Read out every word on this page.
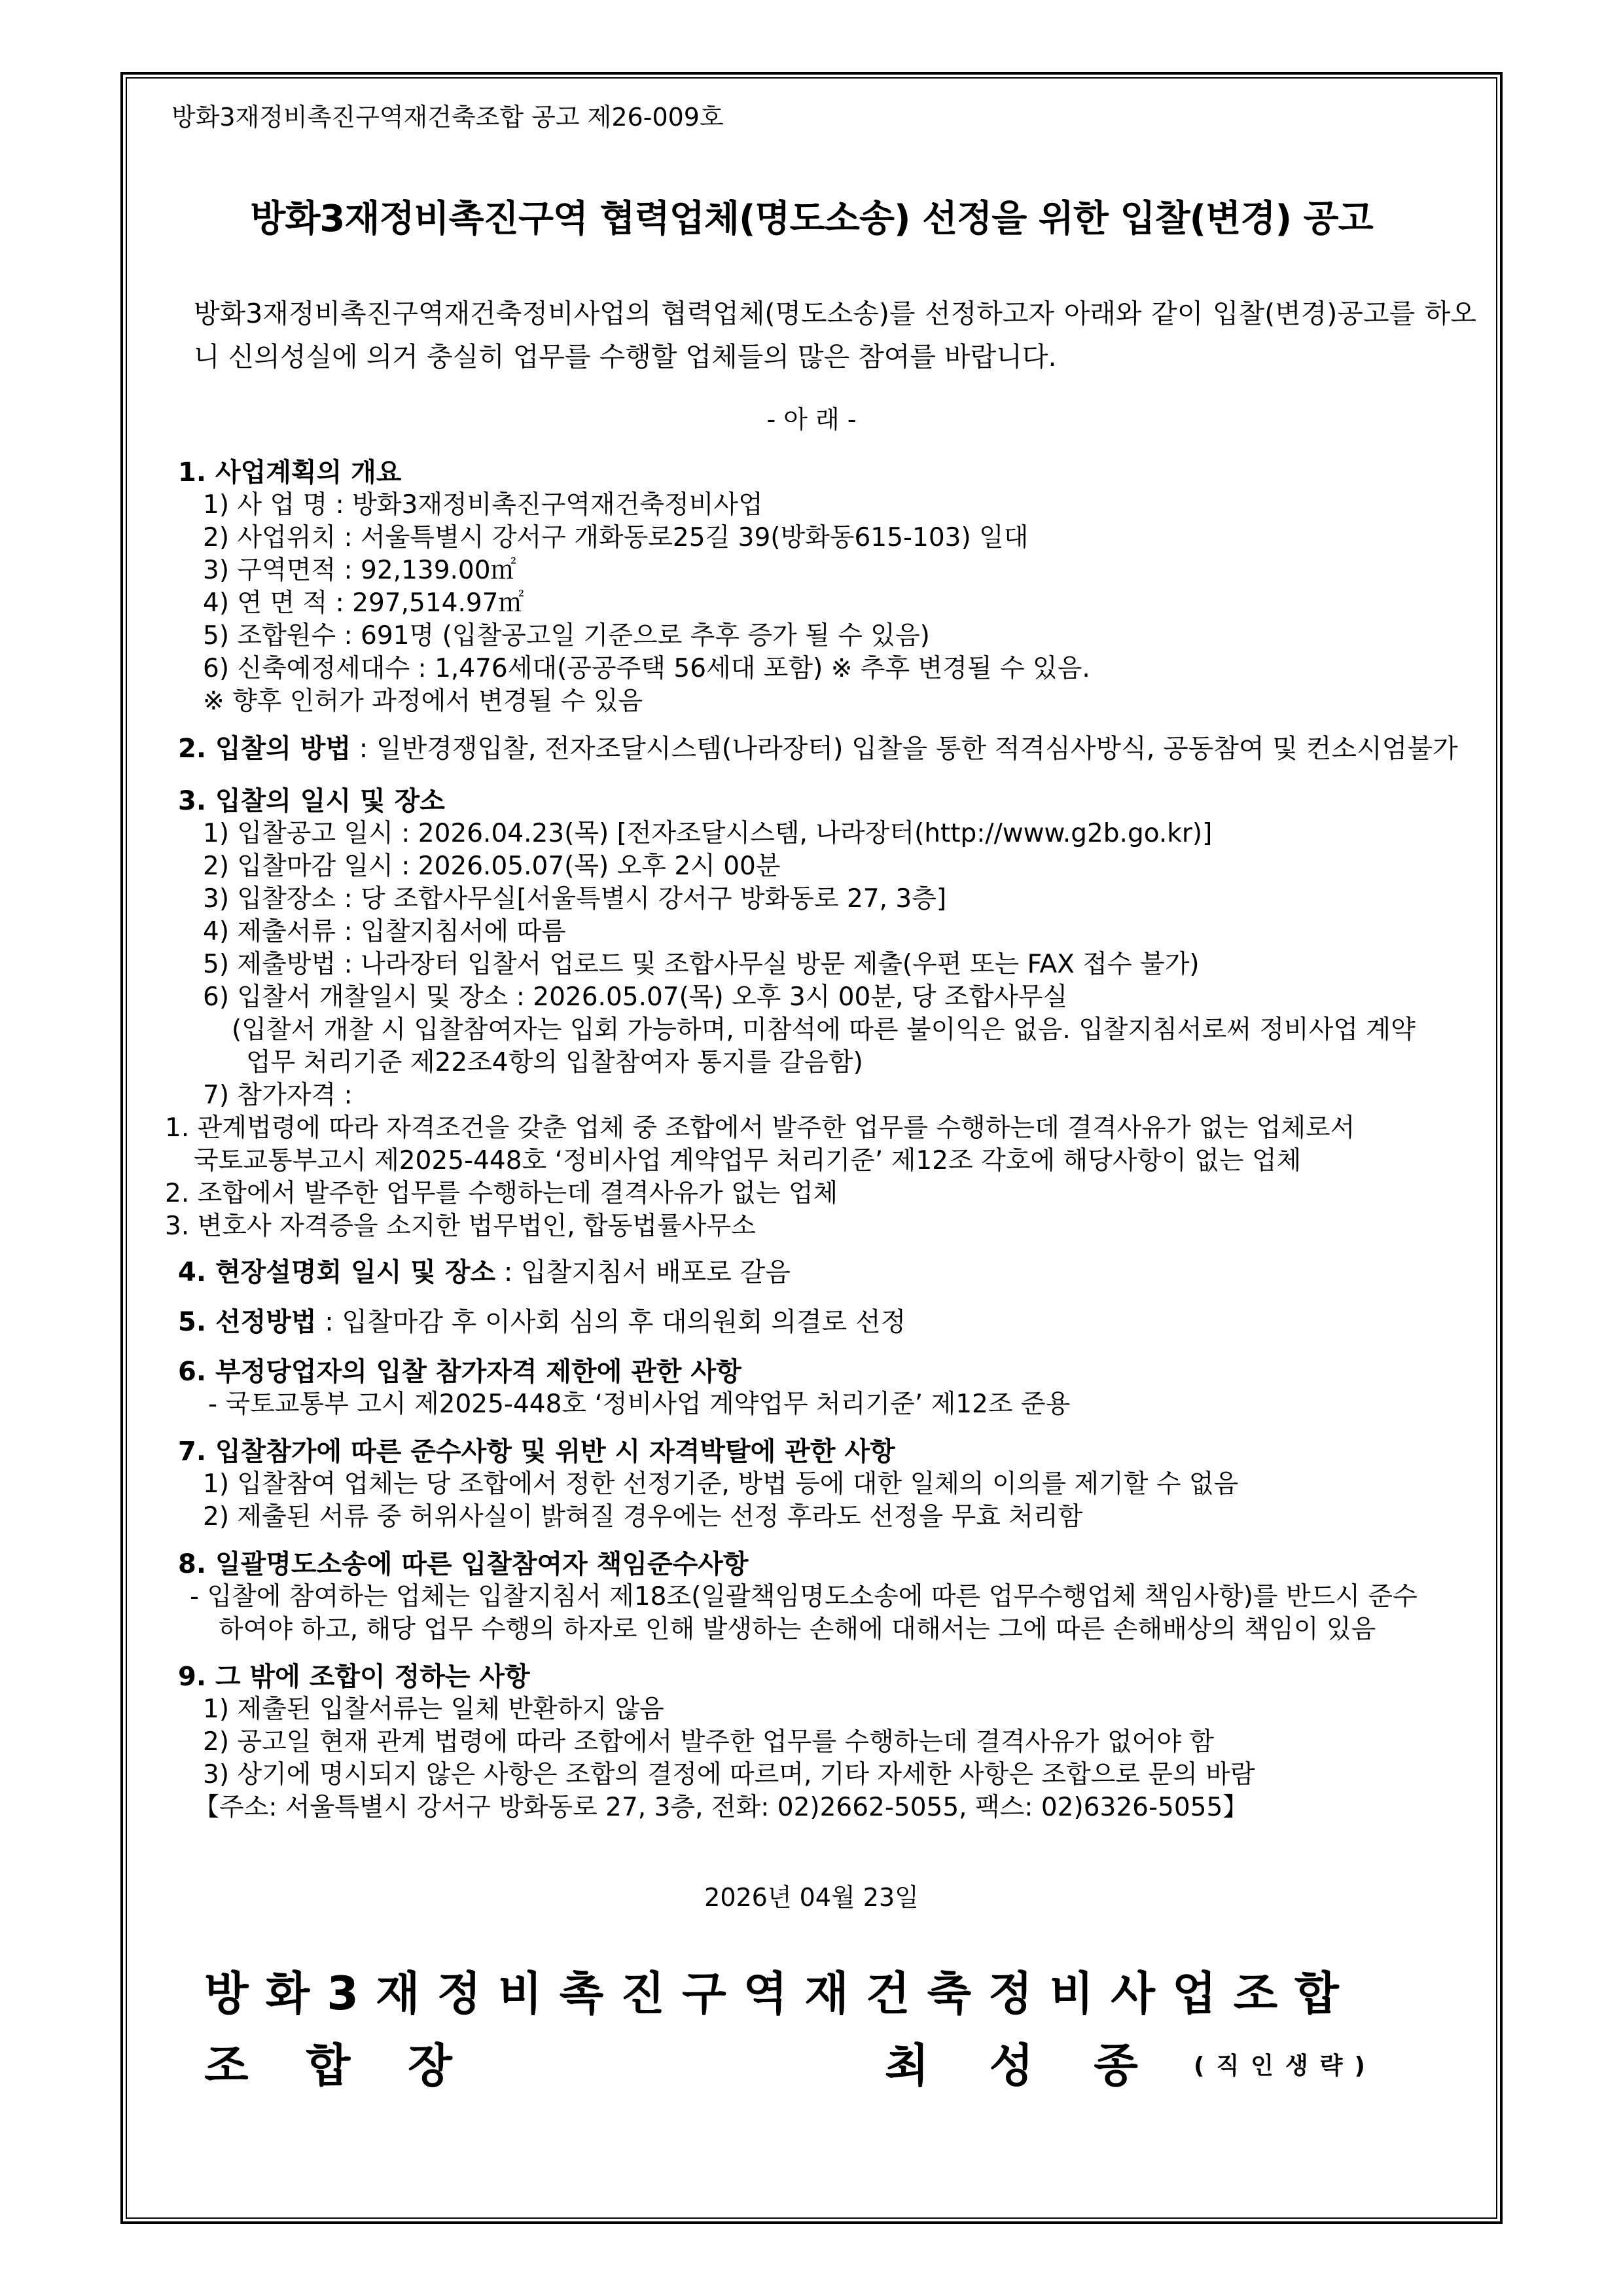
방화3재정비촉진구역재건축조합 공고 제26-009호
방화3재정비촉진구역 협력업체(명도소송) 선정을 위한 입찰(변경) 공고
방화3재정비촉진구역재건축정비사업의 협력업체(명도소송)를 선정하고자 아래와 같이 입찰(변경)공고를 하오니 신의성실에 의거 충실히 업무를 수행할 업체들의 많은 참여를 바랍니다.
- 아 래 -
1. 사업계획의 개요
1) 사 업 명 : 방화3재정비촉진구역재건축정비사업
2) 사업위치 : 서울특별시 강서구 개화동로25길 39(방화동615-103) 일대
3) 구역면적 : 92,139.00㎡
4) 연 면 적 : 297,514.97㎡
5) 조합원수 : 691명 (입찰공고일 기준으로 추후 증가 될 수 있음)
6) 신축예정세대수 : 1,476세대(공공주택 56세대 포함) ※ 추후 변경될 수 있음.
※ 향후 인허가 과정에서 변경될 수 있음
2. 입찰의 방법 : 일반경쟁입찰, 전자조달시스템(나라장터) 입찰을 통한 적격심사방식, 공동참여 및 컨소시엄불가
3. 입찰의 일시 및 장소
1) 입찰공고 일시 : 2026.04.23(목) [전자조달시스템, 나라장터(http://www.g2b.go.kr)]
2) 입찰마감 일시 : 2026.05.07(목) 오후 2시 00분
3) 입찰장소 : 당 조합사무실[서울특별시 강서구 방화동로 27, 3층]
4) 제출서류 : 입찰지침서에 따름
5) 제출방법 : 나라장터 입찰서 업로드 및 조합사무실 방문 제출(우편 또는 FAX 접수 불가)
6) 입찰서 개찰일시 및 장소 : 2026.05.07(목) 오후 3시 00분, 당 조합사무실
(입찰서 개찰 시 입찰참여자는 입회 가능하며, 미참석에 따른 불이익은 없음. 입찰지침서로써 정비사업 계약
업무 처리기준 제22조4항의 입찰참여자 통지를 갈음함)
7) 참가자격 :
1. 관계법령에 따라 자격조건을 갖춘 업체 중 조합에서 발주한 업무를 수행하는데 결격사유가 없는 업체로서
국토교통부고시 제2025-448호 ‘정비사업 계약업무 처리기준’ 제12조 각호에 해당사항이 없는 업체
2. 조합에서 발주한 업무를 수행하는데 결격사유가 없는 업체
3. 변호사 자격증을 소지한 법무법인, 합동법률사무소
4. 현장설명회 일시 및 장소 : 입찰지침서 배포로 갈음
5. 선정방법 : 입찰마감 후 이사회 심의 후 대의원회 의결로 선정
6. 부정당업자의 입찰 참가자격 제한에 관한 사항
- 국토교통부 고시 제2025-448호 ‘정비사업 계약업무 처리기준’ 제12조 준용
7. 입찰참가에 따른 준수사항 및 위반 시 자격박탈에 관한 사항
1) 입찰참여 업체는 당 조합에서 정한 선정기준, 방법 등에 대한 일체의 이의를 제기할 수 없음
2) 제출된 서류 중 허위사실이 밝혀질 경우에는 선정 후라도 선정을 무효 처리함
8. 일괄명도소송에 따른 입찰참여자 책임준수사항
- 입찰에 참여하는 업체는 입찰지침서 제18조(일괄책임명도소송에 따른 업무수행업체 책임사항)를 반드시 준수
하여야 하고, 해당 업무 수행의 하자로 인해 발생하는 손해에 대해서는 그에 따른 손해배상의 책임이 있음
9. 그 밖에 조합이 정하는 사항
1) 제출된 입찰서류는 일체 반환하지 않음
2) 공고일 현재 관계 법령에 따라 조합에서 발주한 업무를 수행하는데 결격사유가 없어야 함
3) 상기에 명시되지 않은 사항은 조합의 결정에 따르며, 기타 자세한 사항은 조합으로 문의 바람
【주소: 서울특별시 강서구 방화동로 27, 3층, 전화: 02)2662-5055, 팩스: 02)6326-5055】
2026년 04월 23일
방화3재정비촉진구역재건축정비사업조합
조합장	최성종
(직인생략)
